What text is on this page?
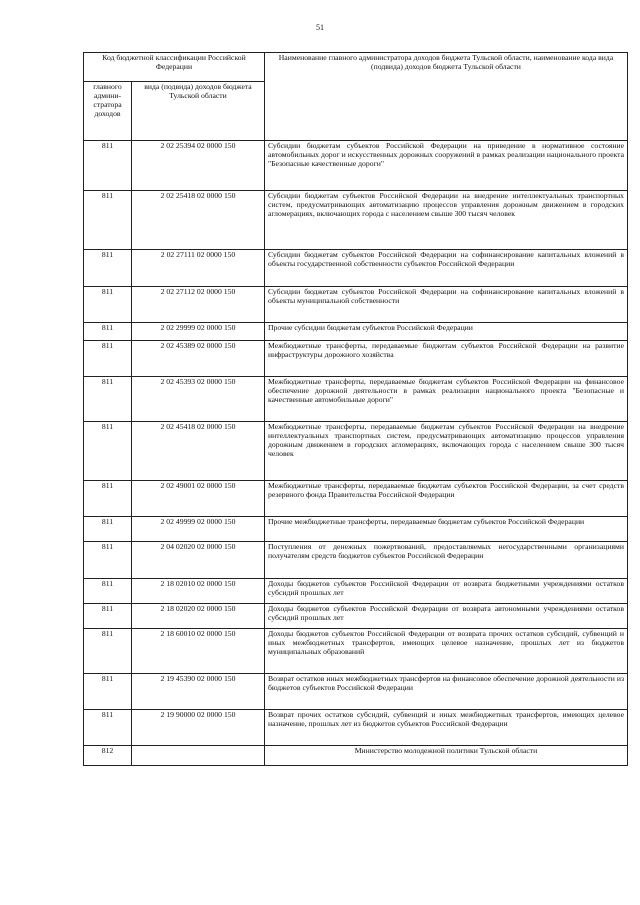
51
Код бюджетной классификации Российской Федерации		Наименование главного администратора доходов бюджета Тульской области, наименование кода вида (подвида) доходов бюджета Тульской области
главного админи-стратора доходов	вида (подвида) доходов бюджета Тульской области	
811	2 02 25394 02 0000 150	Субсидии бюджетам субъектов Российской Федерации на приведение в нормативное состояние автомобильных дорог и искусственных дорожных сооружений в рамках реализации национального проекта "Безопасные качественные дороги"
811	2 02 25418 02 0000 150	Субсидии бюджетам субъектов Российской Федерации на внедрение интеллектуальных транспортных систем, предусматривающих автоматизацию процессов управления дорожным движением в городских агломерациях, включающих города с населением свыше 300 тысяч человек
811	2 02 27111 02 0000 150	Субсидии бюджетам субъектов Российской Федерации на софинансирование капитальных вложений в объекты государственной собственности субъектов Российской Федерации
811	2 02 27112 02 0000 150	Субсидии бюджетам субъектов Российской Федерации на софинансирование капитальных вложений в объекты муниципальной собственности
811	2 02 29999 02 0000 150	Прочие субсидии бюджетам субъектов Российской Федерации
811	2 02 45389 02 0000 150	Межбюджетные трансферты, передаваемые бюджетам субъектов Российской Федерации на развитие инфраструктуры дорожного хозяйства
811	2 02 45393 02 0000 150	Межбюджетные трансферты, передаваемые бюджетам субъектов Российской Федерации на финансовое обеспечение дорожной деятельности в рамках реализации национального проекта "Безопасные и качественные автомобильные дороги"
811	2 02 45418 02 0000 150	Межбюджетные трансферты, передаваемые бюджетам субъектов Российской Федерации на внедрение интеллектуальных транспортных систем, предусматривающих автоматизацию процессов управления дорожным движением в городских агломерациях, включающих города с населением свыше 300 тысяч человек
811	2 02 49001 02 0000 150	Межбюджетные трансферты, передаваемые бюджетам субъектов Российской Федерации, за счет средств резервного фонда Правительства Российской Федерации
811	2 02 49999 02 0000 150	Прочие межбюджетные трансферты, передаваемые бюджетам субъектов Российской Федерации
811	2 04 02020 02 0000 150	Поступления от денежных пожертвований, предоставляемых негосударственными организациями получателям средств бюджетов субъектов Российской Федерации
811	2 18 02010 02 0000 150	Доходы бюджетов субъектов Российской Федерации от возврата бюджетными учреждениями остатков субсидий прошлых лет
811	2 18 02020 02 0000 150	Доходы бюджетов субъектов Российской Федерации от возврата автономными учреждениями остатков субсидий прошлых лет
811	2 18 60010 02 0000 150	Доходы бюджетов субъектов Российской Федерации от возврата прочих остатков субсидий, субвенций и иных межбюджетных трансфертов, имеющих целевое назначение, прошлых лет из бюджетов муниципальных образований
811	2 19 45390 02 0000 150	Возврат остатков иных межбюджетных трансфертов на финансовое обеспечение дорожной деятельности из бюджетов субъектов Российской Федерации
811	2 19 90000 02 0000 150	Возврат прочих остатков субсидий, субвенций и иных межбюджетных трансфертов, имеющих целевое назначение, прошлых лет из бюджетов субъектов Российской Федерации
812		Министерство молодежной политики Тульской области
